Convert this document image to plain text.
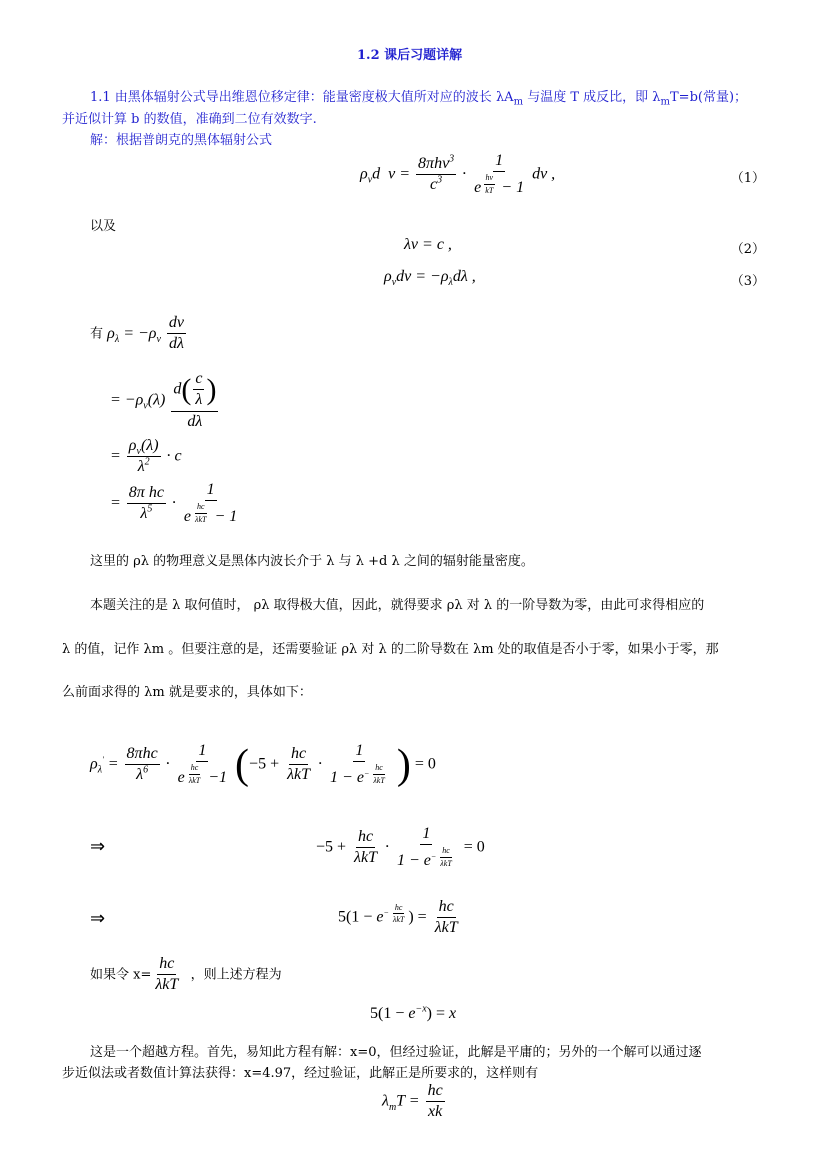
1.2 课后习题详解
1.1 由黑体辐射公式导出维恩位移定律：能量密度极大值所对应的波长 $\lambda A_m$ 与温度 T 成反比，即 $\lambda_mT=b$(常量)；
并近似计算 b 的数值，准确到二位有效数字.
解：根据普朗克的黑体辐射公式
$\rho_\nu d$  $\nu = \frac{8\pi h\nu^3}{c^3} \cdot 1$
e $^{\frac{h\nu}{kT}}$ − 1 dν ,	（1）
以及
λν = c ,	（2）
$\rho_\nu d\nu = -\rho_\lambda d\lambda$ ,	（3）
有 $\rho_\lambda = -\rho_\nu \frac{d\nu}{d\lambda}$
= $-\rho_\nu(\lambda) \frac{d( \frac{c}{\lambda} )}{d\lambda}$
= $\frac{\rho_\nu(\lambda)}{\lambda^2} \cdot c$
= $\frac{\text{8π hc}}{\lambda^5} \cdot 1$
e $^{\frac{hc}{\text{λkT}}}$ − 1
这里的 ρλ 的物理意义是黑体内波长介于 λ 与 λ +d λ 之间的辐射能量密度。
本题关注的是 λ 取何值时， ρλ 取得极大值，因此，就得要求 ρλ 对 λ 的一阶导数为零，由此可求得相应的
λ 的值，记作 λm 。但要注意的是，还需要验证 ρλ 对 λ 的二阶导数在 λm 处的取值是否小于零，如果小于零，那
么前面求得的 λm 就是要求的，具体如下：
$\rho_\lambda' = \frac{\text{8πhc}}{\lambda^6} \cdot 1$
e $^{\frac{hc}{\text{λkT}}}$ −1 ($-5 + \frac{hc}{\text{λkT}} \cdot 1$
$1 - e^{- \frac{hc}{\text{λkT}}}$ ) = 0
⇒	$-5 + \frac{hc}{\text{λkT}} \cdot 1$
$1 - e^{- \frac{hc}{\text{λkT}}} = 0$
⇒	$5(1 - e^{- \frac{hc}{\text{λkT}}}$ ) = $\frac{hc}{\text{λkT}}$
如果令 $x= \frac{hc}{\text{λkT}}$ ，则上述方程为
$5(1 - e^{-x}) = x$
这是一个超越方程。首先，易知此方程有解：x=0，但经过验证，此解是平庸的；另外的一个解可以通过逐
步近似法或者数值计算法获得：x=4.97，经过验证，此解正是所要求的，这样则有
$\lambda_mT = \frac{hc}{xk}$
